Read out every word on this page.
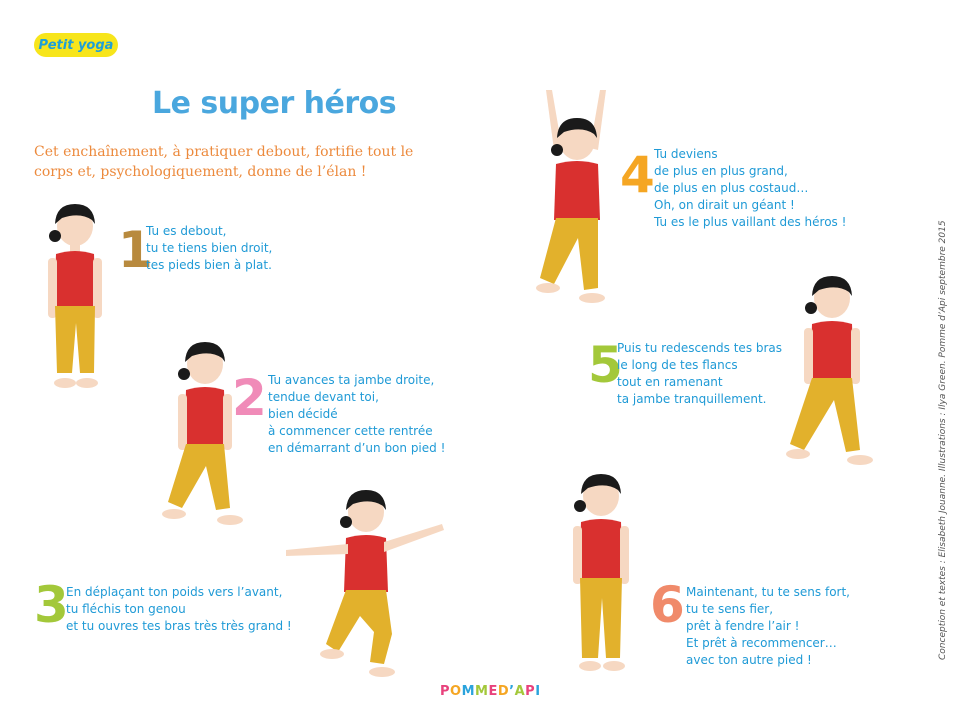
Petit yoga
Le super héros
Cet enchaînement, à pratiquer debout, fortifie tout le corps et, psychologiquement, donne de l’élan !
1
2
3
4
5
6
Tu es debout,
tu te tiens bien droit,
tes pieds bien à plat.
Tu avances ta jambe droite,
tendue devant toi,
bien décidé
à commencer cette rentrée
en démarrant d’un bon pied !
En déplaçant ton poids vers l’avant,
tu fléchis ton genou
et tu ouvres tes bras très très grand !
Tu deviens
de plus en plus grand,
de plus en plus costaud…
Oh, on dirait un géant !
Tu es le plus vaillant des héros !
Puis tu redescends tes bras
le long de tes flancs
tout en ramenant
ta jambe tranquillement.
Maintenant, tu te sens fort,
tu te sens fier,
prêt à fendre l’air !
Et prêt à recommencer…
avec ton autre pied !	Conception et textes : Elisabeth Jouanne. Illustrations : Ilya Green. Pomme d’Api septembre 2015
P O M M E D ’ A P I
